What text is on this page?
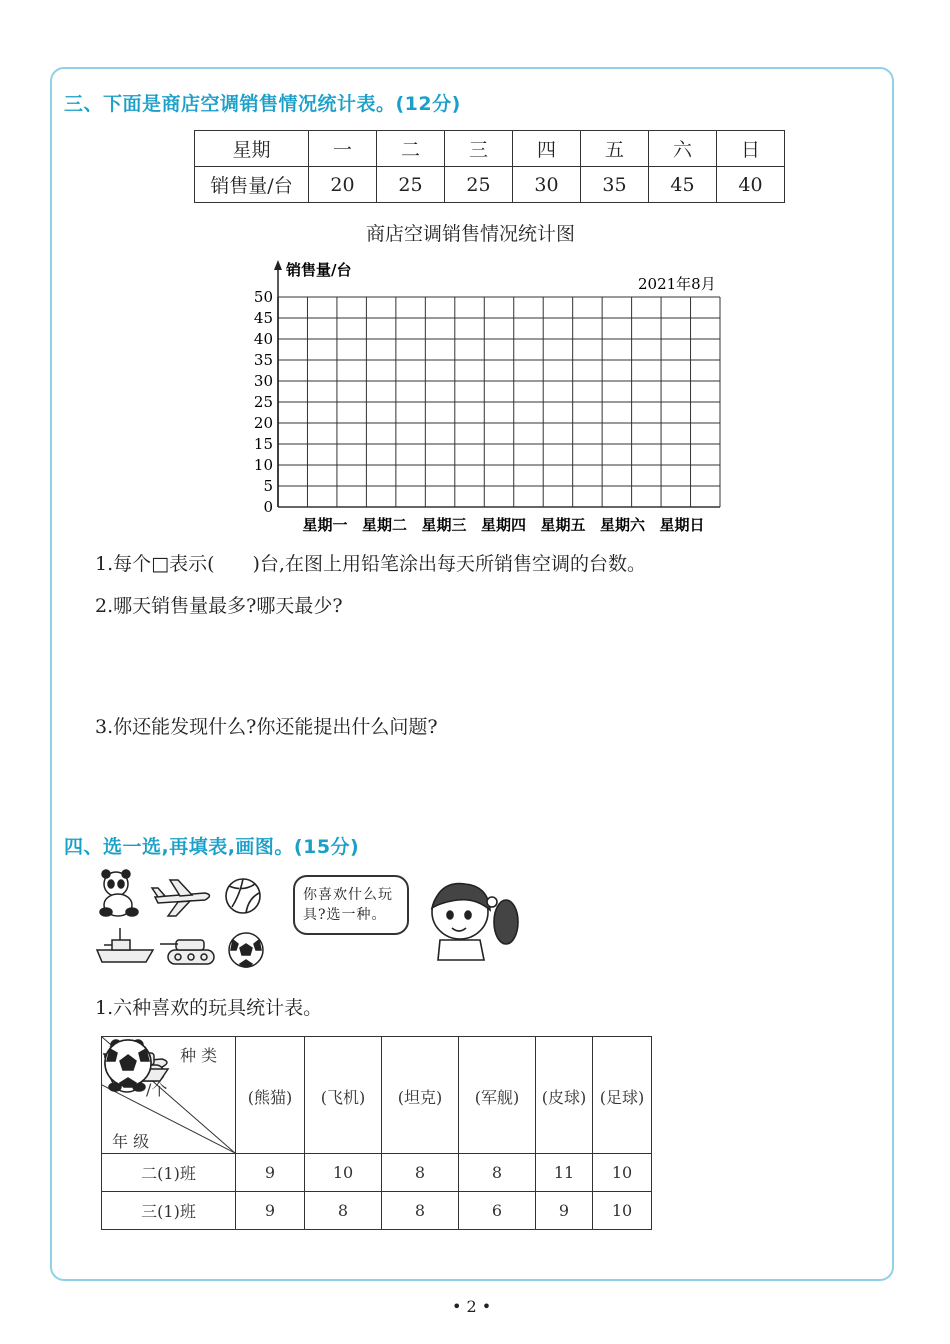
三、下面是商店空调销售情况统计表。(12分)
星期	一	二	三	四	五	六	日
销售量/台	20	25	25	30	35	45	40
商店空调销售情况统计图
0
5
10
15
20
25
30
35
40
45
50
星期一 星期二 星期三 星期四 星期五 星期六 星期日
销售量/台
2021年8月
1.每个□表示(　　)台,在图上用铅笔涂出每天所销售空调的台数。
2.哪天销售量最多?哪天最少?
3.你还能发现什么?你还能提出什么问题?
四、选一选,再填表,画图。(15分)
你喜欢什么玩具?选一种。
1.六种喜欢的玩具统计表。
种 类
/个
年 级	(熊猫)	(飞机)	(坦克)	(军舰)	(皮球)	(足球)

二(1)班	9	10	8	8	11	10
三(1)班	9	8	8	6	9	10
• 2 •
